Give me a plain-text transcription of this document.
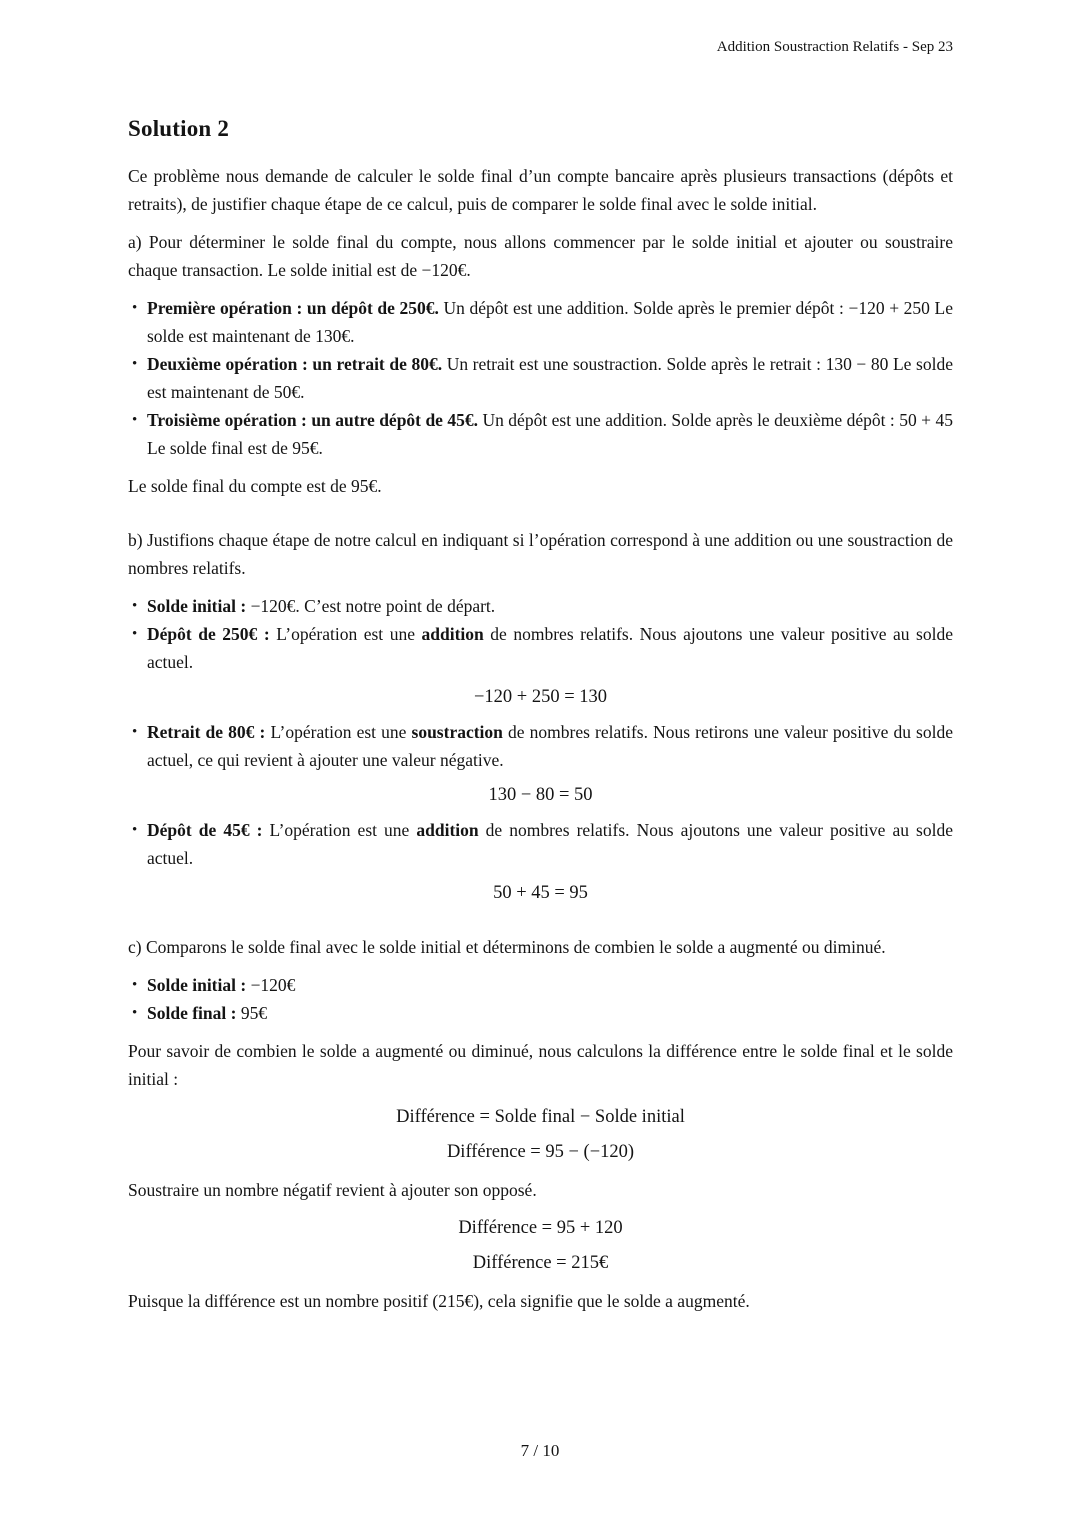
Addition Soustraction Relatifs - Sep 23
Solution 2

Ce problème nous demande de calculer le solde final d’un compte bancaire après plusieurs transactions (dépôts et retraits), de justifier chaque étape de ce calcul, puis de comparer le solde final avec le solde initial.

a) Pour déterminer le solde final du compte, nous allons commencer par le solde initial et ajouter ou soustraire chaque transaction. Le solde initial est de −120€.

• Première opération : un dépôt de 250€. Un dépôt est une addition. Solde après le premier dépôt : −120 + 250 Le solde est maintenant de 130€.
• Deuxième opération : un retrait de 80€. Un retrait est une soustraction. Solde après le retrait : 130 − 80 Le solde est maintenant de 50€.
• Troisième opération : un autre dépôt de 45€. Un dépôt est une addition. Solde après le deuxième dépôt : 50 + 45 Le solde final est de 95€.

Le solde final du compte est de 95€.

b) Justifions chaque étape de notre calcul en indiquant si l’opération correspond à une addition ou une soustraction de nombres relatifs.

• Solde initial : −120€. C’est notre point de départ.
• Dépôt de 250€ : L’opération est une addition de nombres relatifs. Nous ajoutons une valeur positive au solde actuel.
−120 + 250 = 130
• Retrait de 80€ : L’opération est une soustraction de nombres relatifs. Nous retirons une valeur positive du solde actuel, ce qui revient à ajouter une valeur négative.
130 − 80 = 50
• Dépôt de 45€ : L’opération est une addition de nombres relatifs. Nous ajoutons une valeur positive au solde actuel.
50 + 45 = 95

c) Comparons le solde final avec le solde initial et déterminons de combien le solde a augmenté ou diminué.

• Solde initial : −120€
• Solde final : 95€

Pour savoir de combien le solde a augmenté ou diminué, nous calculons la différence entre le solde final et le solde initial :

Différence = Solde final − Solde initial
Différence = 95 − (−120)

Soustraire un nombre négatif revient à ajouter son opposé.

Différence = 95 + 120
Différence = 215€

Puisque la différence est un nombre positif (215€), cela signifie que le solde a augmenté.

7 / 10
